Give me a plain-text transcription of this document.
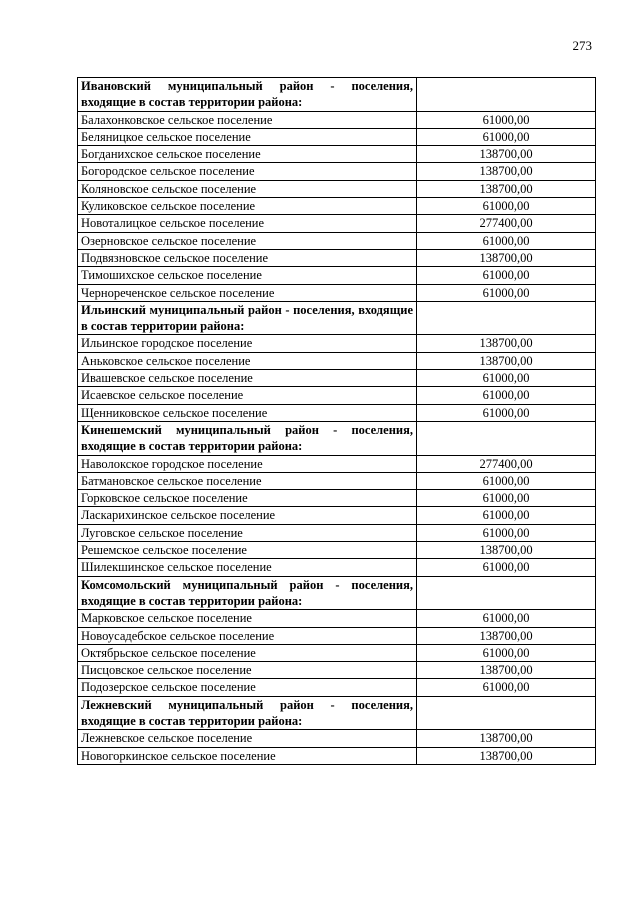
273
Ивановский муниципальный район - поселения, входящие в состав территории района:	
Балахонковское сельское поселение	61000,00
Беляницкое сельское поселение	61000,00
Богданихское сельское поселение	138700,00
Богородское сельское поселение	138700,00
Коляновское сельское поселение	138700,00
Куликовское сельское поселение	61000,00
Новоталицкое сельское поселение	277400,00
Озерновское сельское поселение	61000,00
Подвязновское сельское поселение	138700,00
Тимошихское сельское поселение	61000,00
Чернореченское сельское поселение	61000,00
Ильинский муниципальный район - поселения, входящие в состав территории района:	
Ильинское городское поселение	138700,00
Аньковское сельское поселение	138700,00
Ивашевское сельское поселение	61000,00
Исаевское сельское поселение	61000,00
Щенниковское сельское поселение	61000,00
Кинешемский муниципальный район - поселения, входящие в состав территории района:	
Наволокское городское поселение	277400,00
Батмановское сельское поселение	61000,00
Горковское сельское поселение	61000,00
Ласкарихинское сельское поселение	61000,00
Луговское сельское поселение	61000,00
Решемское сельское поселение	138700,00
Шилекшинское сельское поселение	61000,00
Комсомольский муниципальный район - поселения, входящие в состав территории района:	
Марковское сельское поселение	61000,00
Новоусадебское сельское поселение	138700,00
Октябрьское сельское поселение	61000,00
Писцовское сельское поселение	138700,00
Подозерское сельское поселение	61000,00
Лежневский муниципальный район - поселения, входящие в состав территории района:	
Лежневское сельское поселение	138700,00
Новогоркинское сельское поселение	138700,00
